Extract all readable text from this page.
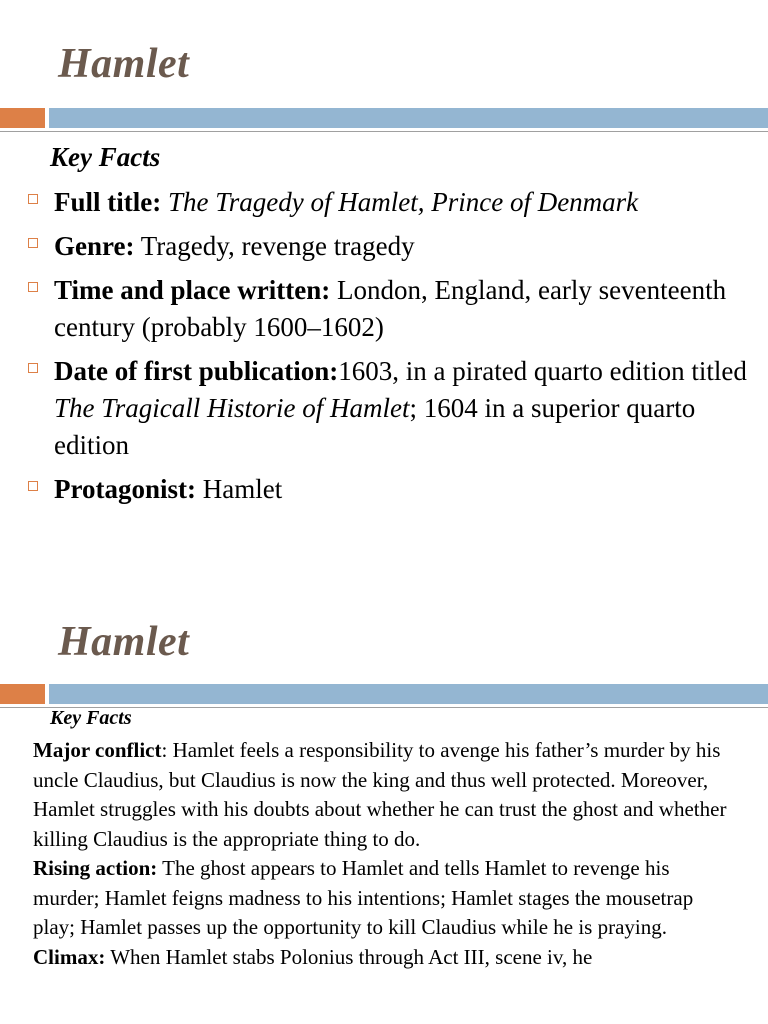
Hamlet
Key Facts
Full title: The Tragedy of Hamlet, Prince of Denmark
Genre: Tragedy, revenge tragedy
Time and place written: London, England, early seventeenth century (probably 1600–1602)
Date of first publication:1603, in a pirated quarto edition titled The Tragicall Historie of Hamlet; 1604 in a superior quarto edition
Protagonist: Hamlet
Hamlet
Key Facts
Major conflict: Hamlet feels a responsibility to avenge his father’s murder by his uncle Claudius, but Claudius is now the king and thus well protected. Moreover, Hamlet struggles with his doubts about whether he can trust the ghost and whether killing Claudius is the appropriate thing to do.
Rising action: The ghost appears to Hamlet and tells Hamlet to revenge his murder; Hamlet feigns madness to his intentions; Hamlet stages the mousetrap play; Hamlet passes up the opportunity to kill Claudius while he is praying.
Climax: When Hamlet stabs Polonius through Act III, scene iv, he
